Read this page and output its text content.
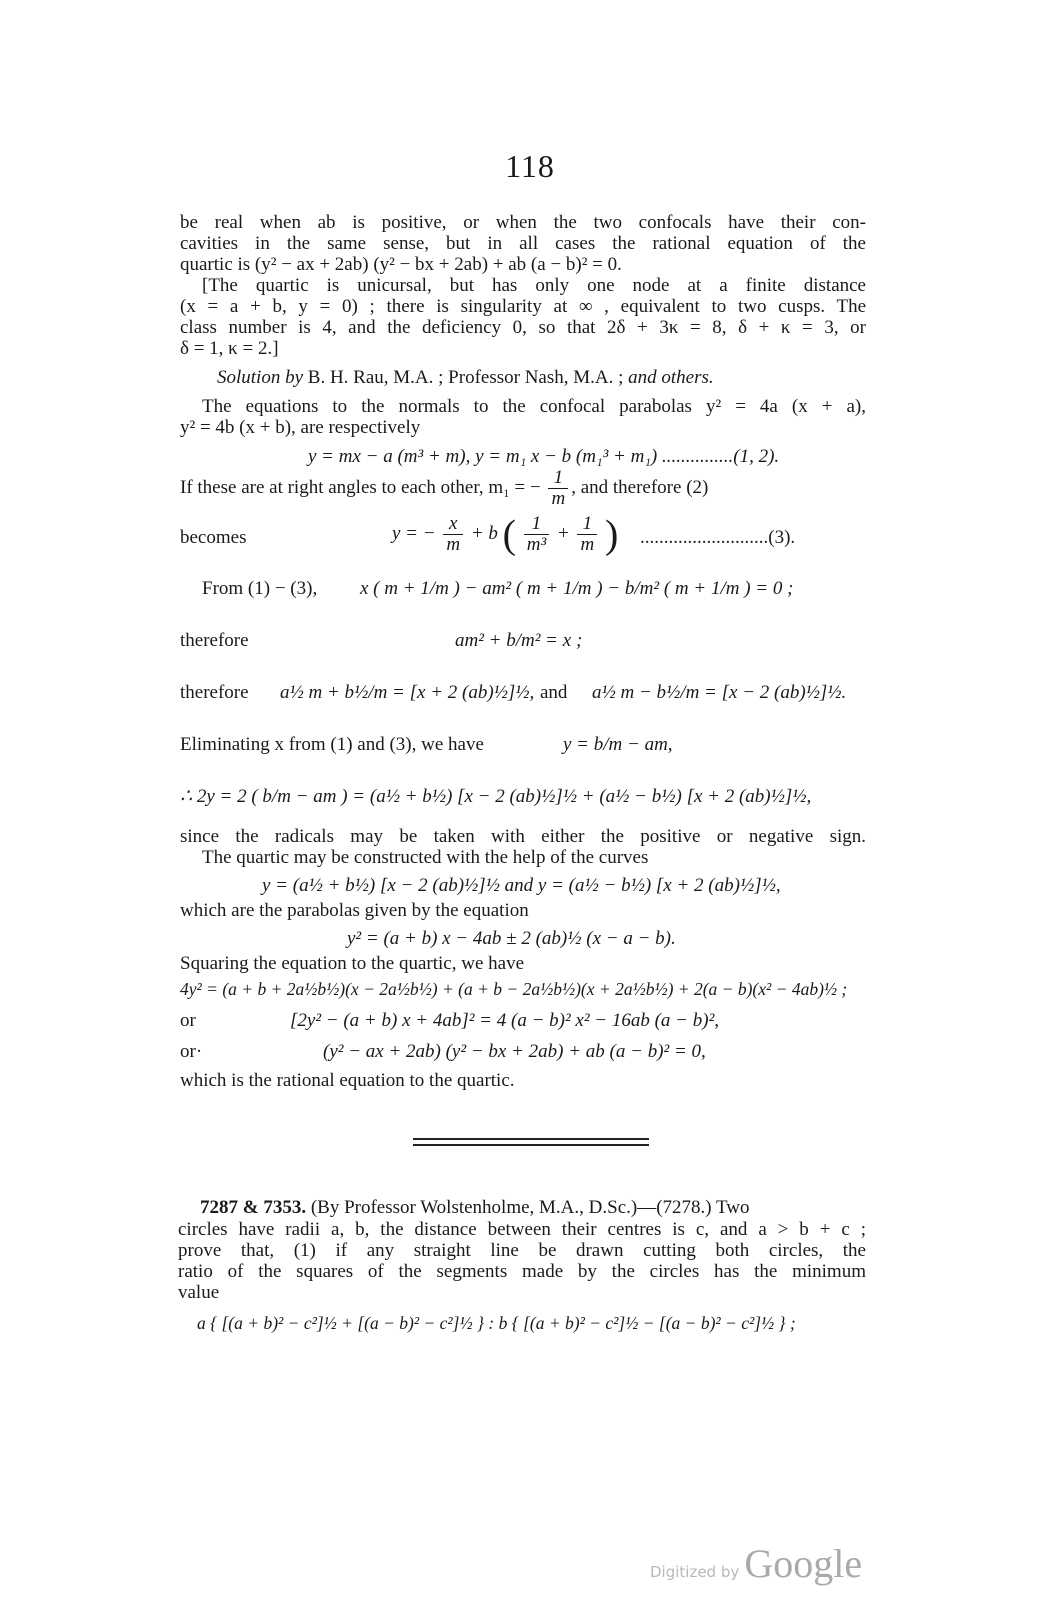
118
be real when ab is positive, or when the two confocals have their con-
cavities in the same sense, but in all cases the rational equation of the
quartic is (y² − ax + 2ab) (y² − bx + 2ab) + ab (a − b)² = 0.
[The quartic is unicursal, but has only one node at a finite distance
(x = a + b, y = 0) ; there is singularity at ∞ , equivalent to two cusps. The
class number is 4, and the deficiency 0, so that 2δ + 3κ = 8, δ + κ = 3, or
δ = 1, κ = 2.]
Solution by B. H. Rau, M.A. ; Professor Nash, M.A. ; and others.
The equations to the normals to the confocal parabolas y² = 4a (x + a),
y² = 4b (x + b), are respectively
y = mx − a (m³ + m), y = m₁ x − b (m₁³ + m₁) ...............(1, 2).
If these are at right angles to each other, m₁ = − $\frac{1}{m}$ , and therefore (2)
becomes	y = − $\frac{x}{m} + b$ ( $\frac{1}{\text{m³}} + \frac{1}{m}$ ) ...........................(3).
From (1) − (3), x ( m + 1/m ) − am² ( m + 1/m ) − b/m² ( m + 1/m ) = 0 ;
therefore	am² + b/m² = x ;
therefore a½ m + b½/m = [x + 2 (ab)½]½, and a½ m − b½/m = [x − 2 (ab)½]½.
Eliminating x from (1) and (3), we have	y = b/m − am,
∴ 2y = 2 ( b/m − am ) = (a½ + b½) [x − 2 (ab)½]½ + (a½ − b½) [x + 2 (ab)½]½,
since the radicals may be taken with either the positive or negative sign.
The quartic may be constructed with the help of the curves
y = (a½ + b½) [x − 2 (ab)½]½ and y = (a½ − b½) [x + 2 (ab)½]½,
which are the parabolas given by the equation
y² = (a + b) x − 4ab ± 2 (ab)½ (x − a − b).
Squaring the equation to the quartic, we have
4y² = (a + b + 2a½b½)(x − 2a½b½) + (a + b − 2a½b½)(x + 2a½b½) + 2(a − b)(x² − 4ab)½ ;
or	[2y² − (a + b) x + 4ab]² = 4 (a − b)² x² − 16ab (a − b)²,
or·	(y² − ax + 2ab) (y² − bx + 2ab) + ab (a − b)² = 0,
which is the rational equation to the quartic.
7287 & 7353. (By Professor Wolstenholme, M.A., D.Sc.)—(7278.) Two
circles have radii a, b, the distance between their centres is c, and a > b + c ;
prove that, (1) if any straight line be drawn cutting both circles, the
ratio of the squares of the segments made by the circles has the minimum
value
a { [(a + b)² − c²]½ + [(a − b)² − c²]½ } : b { [(a + b)² − c²]½ − [(a − b)² − c²]½ } ;
Digitized by Google
